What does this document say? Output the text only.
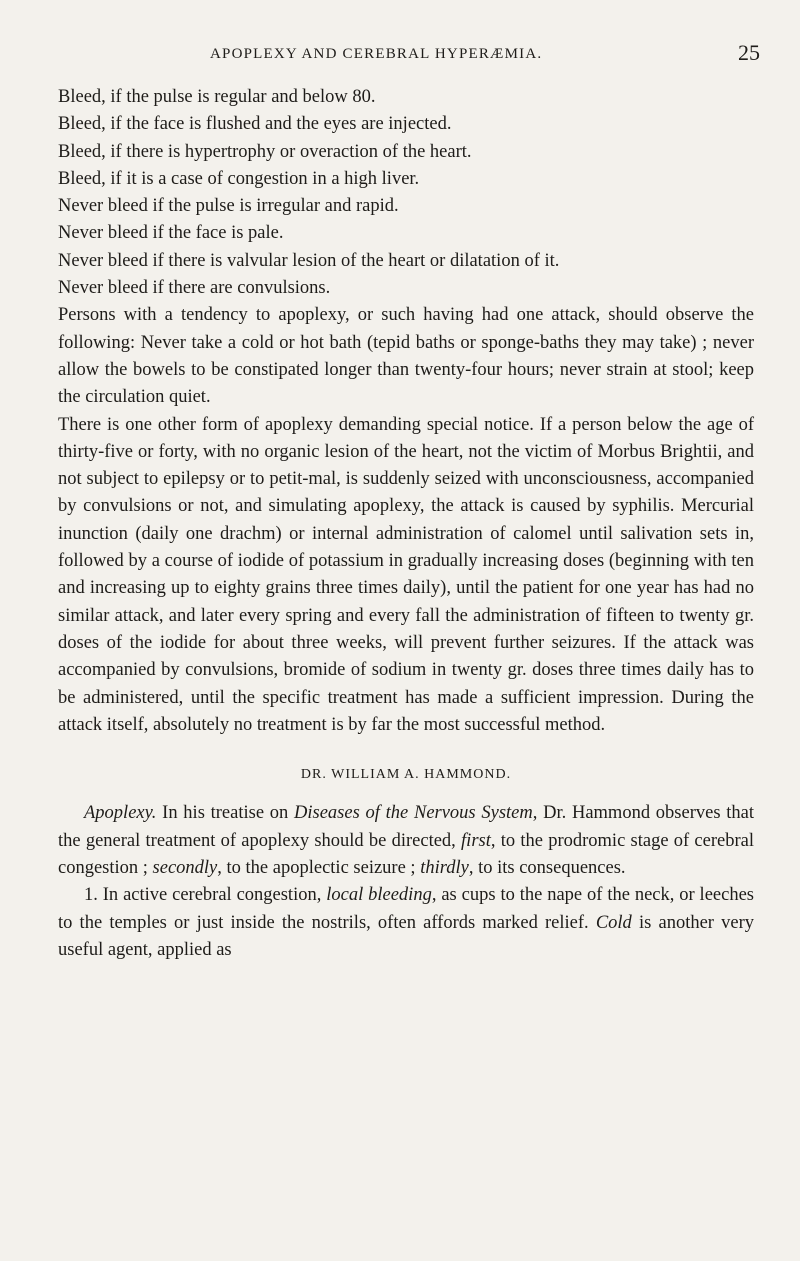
APOPLEXY AND CEREBRAL HYPERÆMIA.	25

Bleed, if the pulse is regular and below 80.

Bleed, if the face is flushed and the eyes are injected.

Bleed, if there is hypertrophy or overaction of the heart.

Bleed, if it is a case of congestion in a high liver.

Never bleed if the pulse is irregular and rapid.

Never bleed if the face is pale.

Never bleed if there is valvular lesion of the heart or dilatation of it.

Never bleed if there are convulsions.

Persons with a tendency to apoplexy, or such having had one attack, should observe the following: Never take a cold or hot bath (tepid baths or sponge-baths they may take) ; never allow the bowels to be constipated longer than twenty-four hours; never strain at stool; keep the circulation quiet.

There is one other form of apoplexy demanding special notice. If a person below the age of thirty-five or forty, with no organic lesion of the heart, not the victim of Morbus Brightii, and not subject to epilepsy or to petit-mal, is suddenly seized with unconsciousness, accompanied by convulsions or not, and simulating apoplexy, the attack is caused by syphilis. Mercurial inunction (daily one drachm) or internal administration of calomel until salivation sets in, followed by a course of iodide of potassium in gradually increasing doses (beginning with ten and increasing up to eighty grains three times daily), until the patient for one year has had no similar attack, and later every spring and every fall the administration of fifteen to twenty gr. doses of the iodide for about three weeks, will prevent further seizures. If the attack was accompanied by convulsions, bromide of sodium in twenty gr. doses three times daily has to be administered, until the specific treatment has made a sufficient impression. During the attack itself, absolutely no treatment is by far the most successful method.

DR. WILLIAM A. HAMMOND.

Apoplexy. In his treatise on Diseases of the Nervous System, Dr. Hammond observes that the general treatment of apoplexy should be directed, first, to the prodromic stage of cerebral congestion ; secondly, to the apoplectic seizure ; thirdly, to its consequences.

1. In active cerebral congestion, local bleeding, as cups to the nape of the neck, or leeches to the temples or just inside the nostrils, often affords marked relief. Cold is another very useful agent, applied as
